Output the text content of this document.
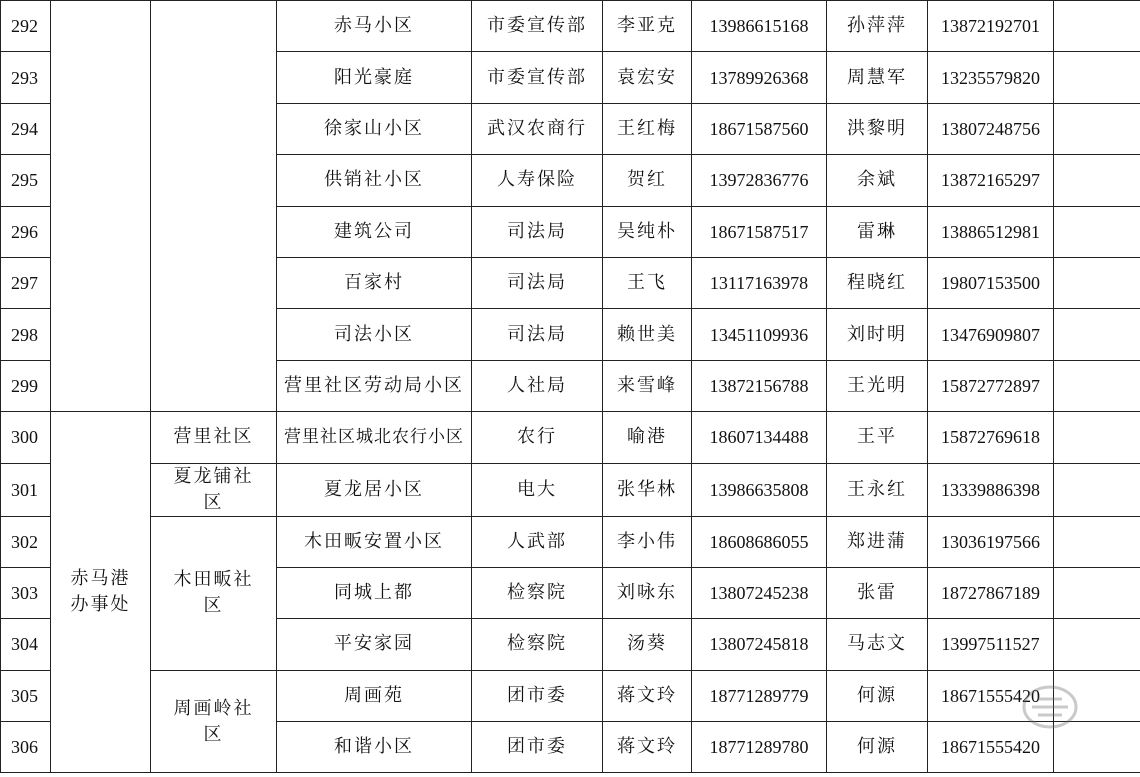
292			赤马小区	市委宣传部	李亚克	13986615168	孙萍萍	13872192701	
293			阳光豪庭	市委宣传部	袁宏安	13789926368	周慧军	13235579820	
294			徐家山小区	武汉农商行	王红梅	18671587560	洪黎明	13807248756	
295			供销社小区	人寿保险	贺红	13972836776	余斌	13872165297	
296			建筑公司	司法局	吴纯朴	18671587517	雷琳	13886512981	
297			百家村	司法局	王飞	13117163978	程晓红	19807153500	
298			司法小区	司法局	赖世美	13451109936	刘时明	13476909807	
299			营里社区劳动局小区	人社局	来雪峰	13872156788	王光明	15872772897	
300	赤马港办事处	营里社区	营里社区城北农行小区	农行	喻港	18607134488	王平	15872769618	
301		夏龙铺社区	夏龙居小区	电大	张华林	13986635808	王永红	13339886398	
302		木田畈社区	木田畈安置小区	人武部	李小伟	18608686055	郑进蒲	13036197566	
303			同城上都	检察院	刘咏东	13807245238	张雷	18727867189	
304			平安家园	检察院	汤葵	13807245818	马志文	13997511527	
305		周画岭社区	周画苑	团市委	蒋文玲	18771289779	何源	18671555420	
306			和谐小区	团市委	蒋文玲	18771289780	何源	18671555420	
